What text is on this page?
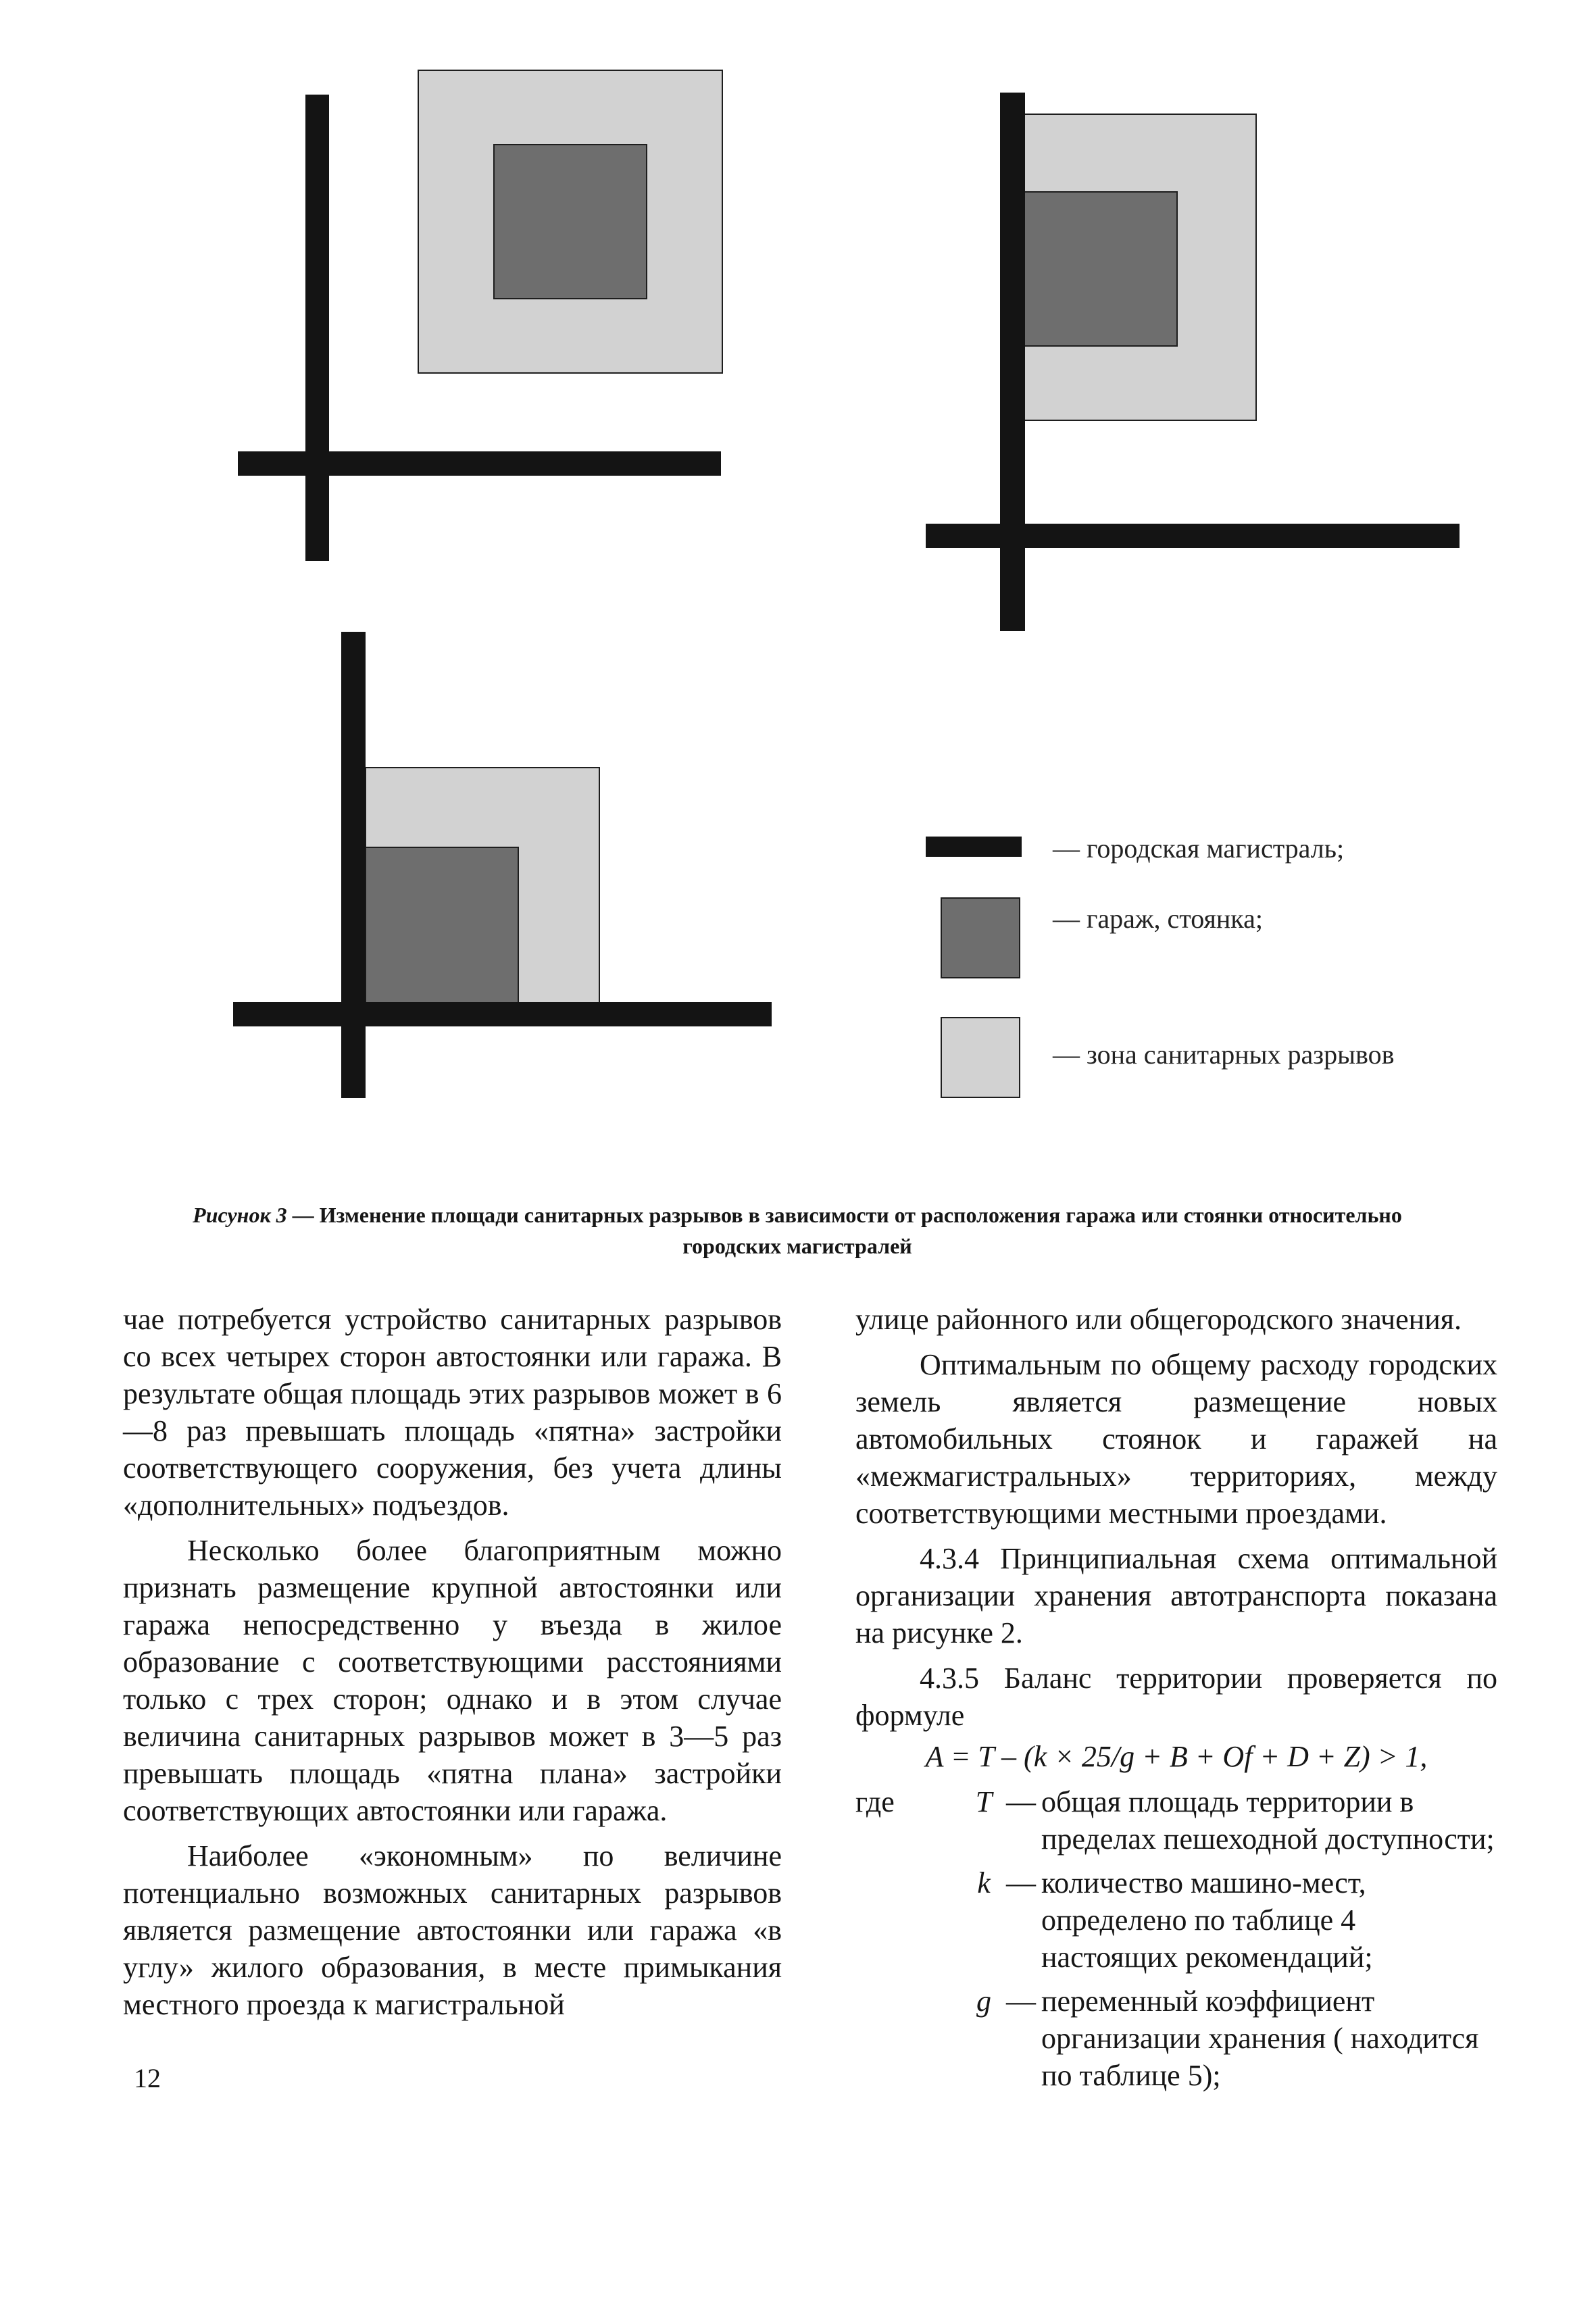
— городская магистраль;
— гараж, стоянка;
— зона санитарных разрывов
Рисунок 3 — Изменение площади санитарных разрывов в зависимости от расположения гаража или стоянки относительно городских магистралей

чае потребуется устройство санитарных разрывов со всех четырех сторон автостоянки или гаража. В результате общая площадь этих разрывов может в 6—8 раз превышать площадь «пятна» застройки соответствующего сооружения, без учета длины «дополнительных» подъездов.

Несколько более благоприятным можно признать размещение крупной автостоянки или гаража непосредственно у въезда в жилое образование с соответствующими расстояниями только с трех сторон; однако и в этом случае величина санитарных разрывов может в 3—5 раз превышать площадь «пятна плана» застройки соответствующих автостоянки или гаража.

Наиболее «экономным» по величине потенциально возможных санитарных разрывов является размещение автостоянки или гаража «в углу» жилого образования, в месте примыкания местного проезда к магистральной

улице районного или общегородского значения.

Оптимальным по общему расходу городских земель является размещение новых автомобильных стоянок и гаражей на «межмагистральных» территориях, между соответствующими местными проездами.

4.3.4 Принципиальная схема оптимальной организации хранения автотранспорта показана на рисунке 2.

4.3.5 Баланс территории проверяется по формуле

A = T – (k × 25/g + B + Of + D + Z) > 1,
где	T — общая площадь территории в пределах пешеходной доступности;
k — количество машино-мест, определено по таблице 4 настоящих рекомендаций;
g — переменный коэффициент организации хранения ( находится по таблице 5);
12
